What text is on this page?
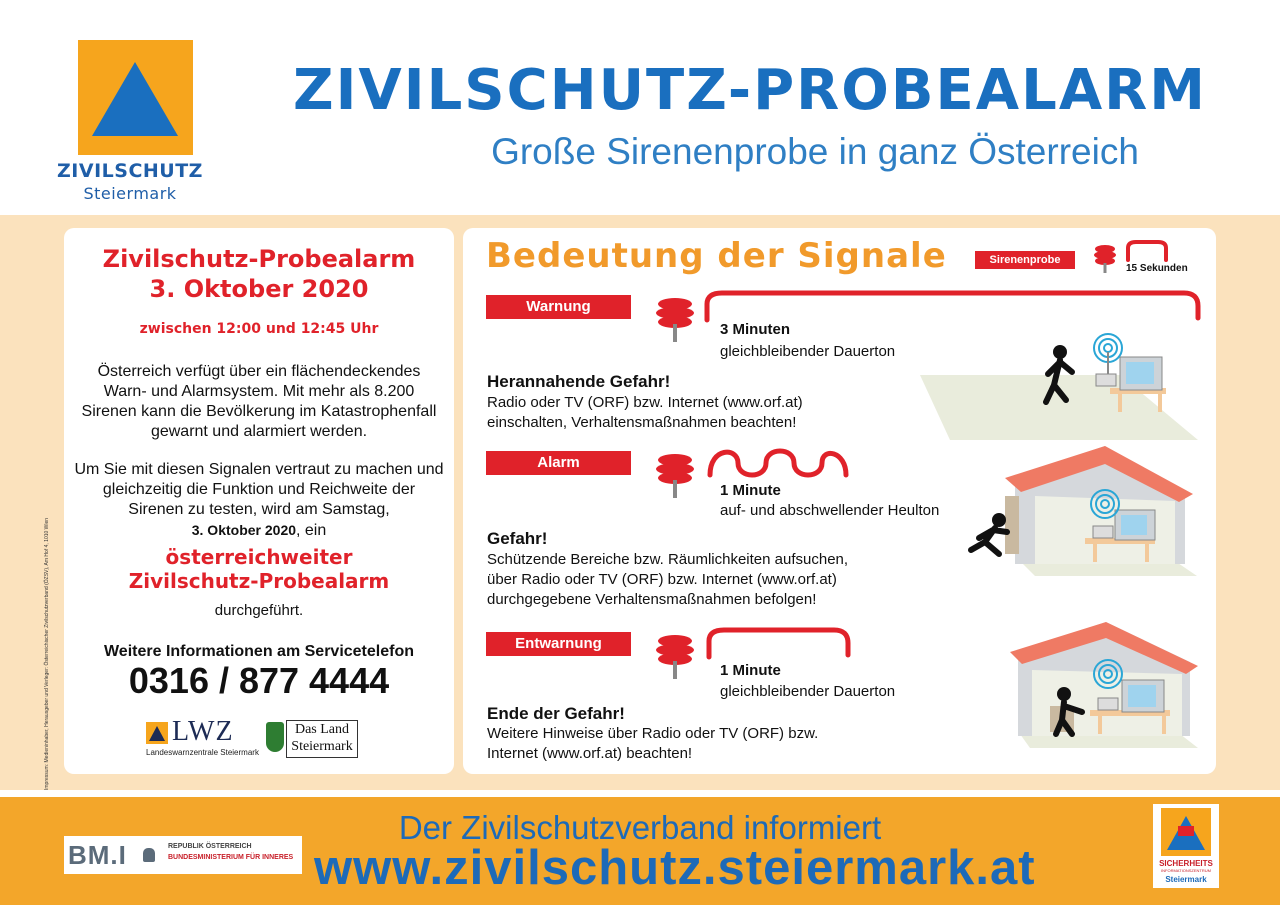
ZIVILSCHUTZ
Steiermark
ZIVILSCHUTZ-PROBEALARM
Große Sirenenprobe in ganz Österreich
Impressum: Medieninhaber, Herausgeber und Verleger: Österreichischer Zivilschutzverband (ÖZSV), Am Hof 4, 1010 Wien
Zivilschutz-Probealarm
3. Oktober 2020
zwischen 12:00 und 12:45 Uhr
Österreich verfügt über ein flächendeckendes Warn- und Alarmsystem. Mit mehr als 8.200 Sirenen kann die Bevölkerung im Katastrophenfall gewarnt und alarmiert werden.
Um Sie mit diesen Signalen vertraut zu machen und gleichzeitig die Funktion und Reichweite der Sirenen zu testen, wird am Samstag,
3. Oktober 2020, ein
österreichweiter
Zivilschutz-Probealarm
durchgeführt.
Weitere Informationen am Servicetelefon
0316 / 877 4444
LWZ
Landeswarnzentrale Steiermark
Das Land Steiermark
Bedeutung der Signale	Sirenenprobe
15 Sekunden
Warnung
3 Minuten
gleichbleibender Dauerton
Herannahende Gefahr!
Radio oder TV (ORF) bzw. Internet (www.orf.at)
einschalten, Verhaltensmaßnahmen beachten!
Alarm
1 Minute
auf- und abschwellender Heulton
Gefahr!
Schützende Bereiche bzw. Räumlichkeiten aufsuchen,
über Radio oder TV (ORF) bzw. Internet (www.orf.at)
durchgegebene Verhaltensmaßnahmen befolgen!
Entwarnung
1 Minute
gleichbleibender Dauerton
Ende der Gefahr!
Weitere Hinweise über Radio oder TV (ORF) bzw.
Internet (www.orf.at) beachten!
BM.I	REPUBLIK ÖSTERREICH
BUNDESMINISTERIUM FÜR INNERES
Der Zivilschutzverband informiert
www.zivilschutz.steiermark.at	SICHERHEITS
INFORMATIONSZENTRUM
Steiermark
